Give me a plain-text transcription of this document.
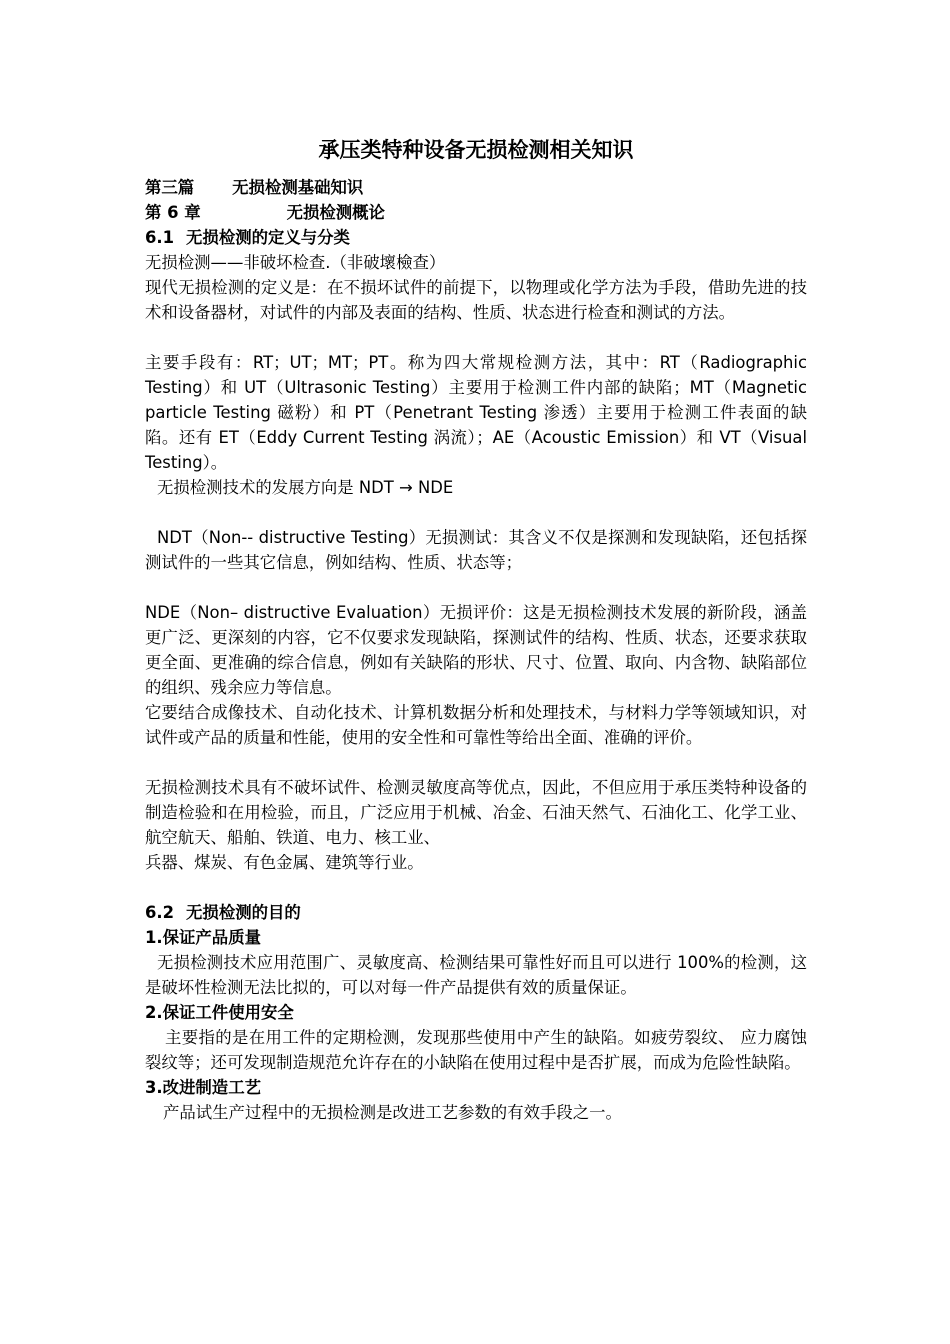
承压类特种设备无损检测相关知识
第三篇 无损检测基础知识
第 6 章	无损检测概论
6.1 无损检测的定义与分类

无损检测——非破坏检查.（非破壞檢查）

现代无损检测的定义是：在不损坏试件的前提下，以物理或化学方法为手段，借助先进的技术和设备器材，对试件的内部及表面的结构、性质、状态进行检查和测试的方法。

主要手段有：RT；UT；MT；PT。称为四大常规检测方法，其中：RT（Radiographic Testing）和 UT（Ultrasonic Testing）主要用于检测工件内部的缺陷；MT（Magnetic particle Testing 磁粉）和 PT（Penetrant Testing 渗透）主要用于检测工件表面的缺陷。还有 ET（Eddy Current Testing 涡流）；AE（Acoustic Emission）和 VT（Visual Testing）。

无损检测技术的发展方向是 NDT → NDE

NDT（Non-- distructive Testing）无损测试：其含义不仅是探测和发现缺陷，还包括探测试件的一些其它信息，例如结构、性质、状态等；

NDE（Non– distructive Evaluation）无损评价：这是无损检测技术发展的新阶段，涵盖更广泛、更深刻的内容，它不仅要求发现缺陷，探测试件的结构、性质、状态，还要求获取更全面、更准确的综合信息，例如有关缺陷的形状、尺寸、位置、取向、内含物、缺陷部位的组织、残余应力等信息。

它要结合成像技术、自动化技术、计算机数据分析和处理技术，与材料力学等领域知识，对试件或产品的质量和性能，使用的安全性和可靠性等给出全面、准确的评价。

无损检测技术具有不破坏试件、检测灵敏度高等优点，因此，不但应用于承压类特种设备的制造检验和在用检验，而且，广泛应用于机械、冶金、石油天然气、石油化工、化学工业、航空航天、船舶、铁道、电力、核工业、

兵器、煤炭、有色金属、建筑等行业。

6.2 无损检测的目的
1.保证产品质量

无损检测技术应用范围广、灵敏度高、检测结果可靠性好而且可以进行 100%的检测，这是破坏性检测无法比拟的，可以对每一件产品提供有效的质量保证。

2.保证工件使用安全

主要指的是在用工件的定期检测，发现那些使用中产生的缺陷。如疲劳裂纹、 应力腐蚀裂纹等；还可发现制造规范允许存在的小缺陷在使用过程中是否扩展，而成为危险性缺陷。

3.改进制造工艺

产品试生产过程中的无损检测是改进工艺参数的有效手段之一。
